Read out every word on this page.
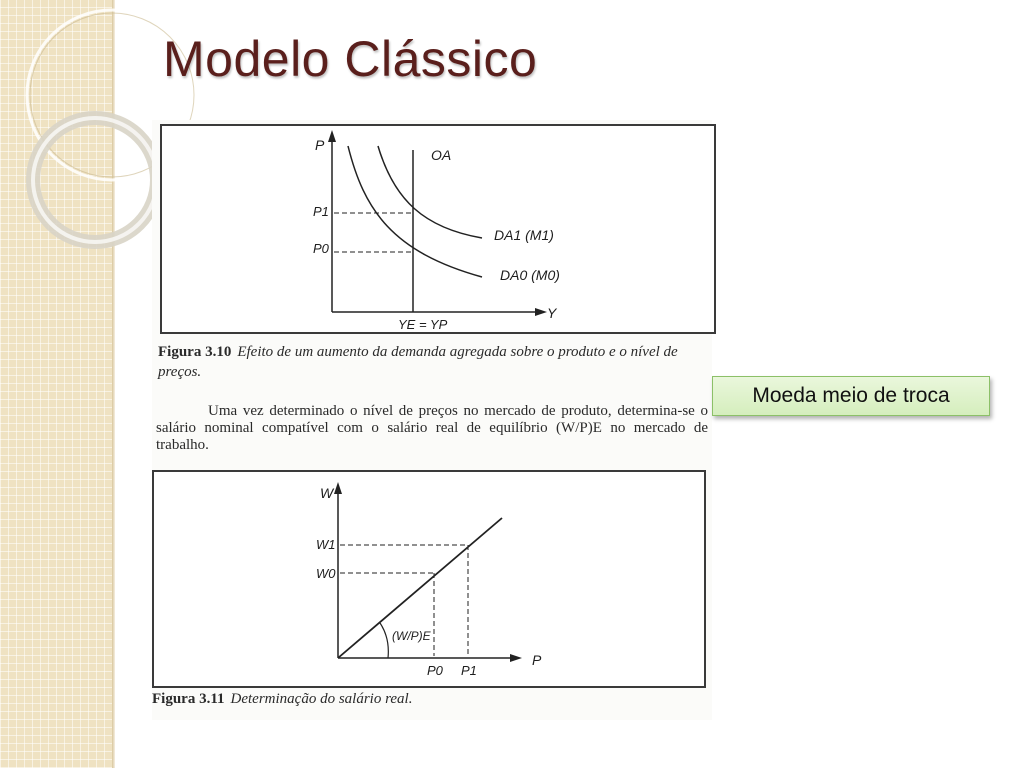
Modelo Clássico
P
Y
OA
P1
P0
DA1 (M1)
DA0 (M0)
YE = YP
Figura 3.10 Efeito de um aumento da demanda agregada sobre o produto e o nível de preços.
Uma vez determinado o nível de preços no mercado de produto, determina-se o salário nominal compatível com o salário real de equilíbrio (W/P)E no mercado de trabalho.
W
P
W1
W0
P0 P1
(W/P)E
Figura 3.11 Determinação do salário real.
Moeda meio de troca
